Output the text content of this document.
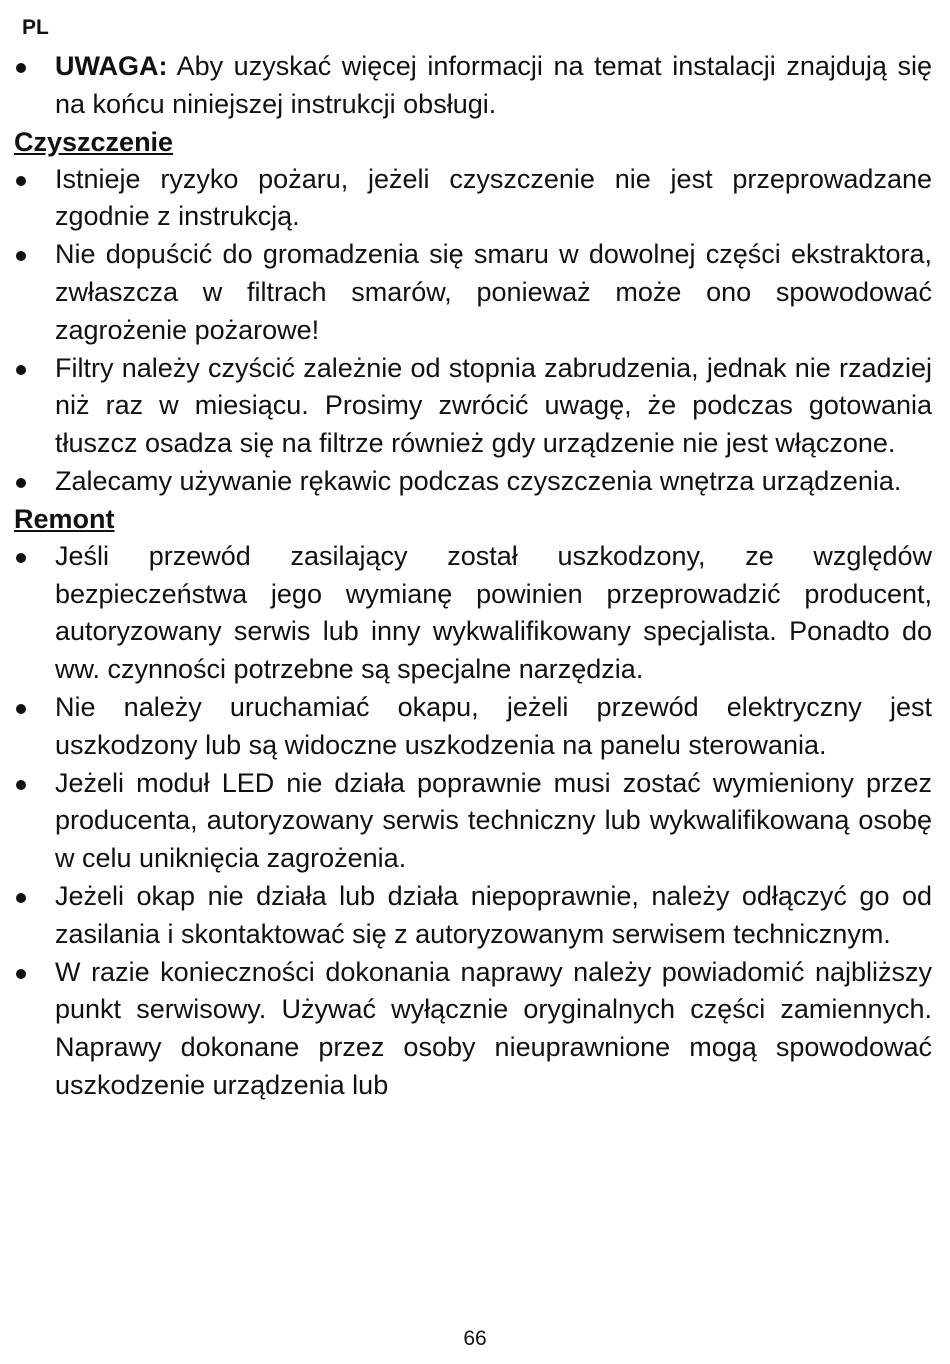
PL
UWAGA: Aby uzyskać więcej informacji na temat instalacji znajdują się na końcu niniejszej instrukcji obsługi.
Czyszczenie
Istnieje ryzyko pożaru, jeżeli czyszczenie nie jest przeprowadzane zgodnie z instrukcją.
Nie dopuścić do gromadzenia się smaru w dowolnej części ekstraktora, zwłaszcza w filtrach smarów, ponieważ może ono spowodować zagrożenie pożarowe!
Filtry należy czyścić zależnie od stopnia zabrudzenia, jednak nie rzadziej niż raz w miesiącu. Prosimy zwrócić uwagę, że podczas gotowania tłuszcz osadza się na filtrze również gdy urządzenie nie jest włączone.
Zalecamy używanie rękawic podczas czyszczenia wnętrza urządzenia.
Remont
Jeśli przewód zasilający został uszkodzony, ze względów bezpieczeństwa jego wymianę powinien przeprowadzić producent, autoryzowany serwis lub inny wykwalifikowany specjalista. Ponadto do ww. czynności potrzebne są specjalne narzędzia.
Nie należy uruchamiać okapu, jeżeli przewód elektryczny jest uszkodzony lub są widoczne uszkodzenia na panelu sterowania.
Jeżeli moduł LED nie działa poprawnie musi zostać wymieniony przez producenta, autoryzowany serwis techniczny lub wykwalifikowaną osobę w celu uniknięcia zagrożenia.
Jeżeli okap nie działa lub działa niepoprawnie, należy odłączyć go od zasilania i skontaktować się z autoryzowanym serwisem technicznym.
W razie konieczności dokonania naprawy należy powiadomić najbliższy punkt serwisowy. Używać wyłącznie oryginalnych części zamiennych. Naprawy dokonane przez osoby nieuprawnione mogą spowodować uszkodzenie urządzenia lub
66
